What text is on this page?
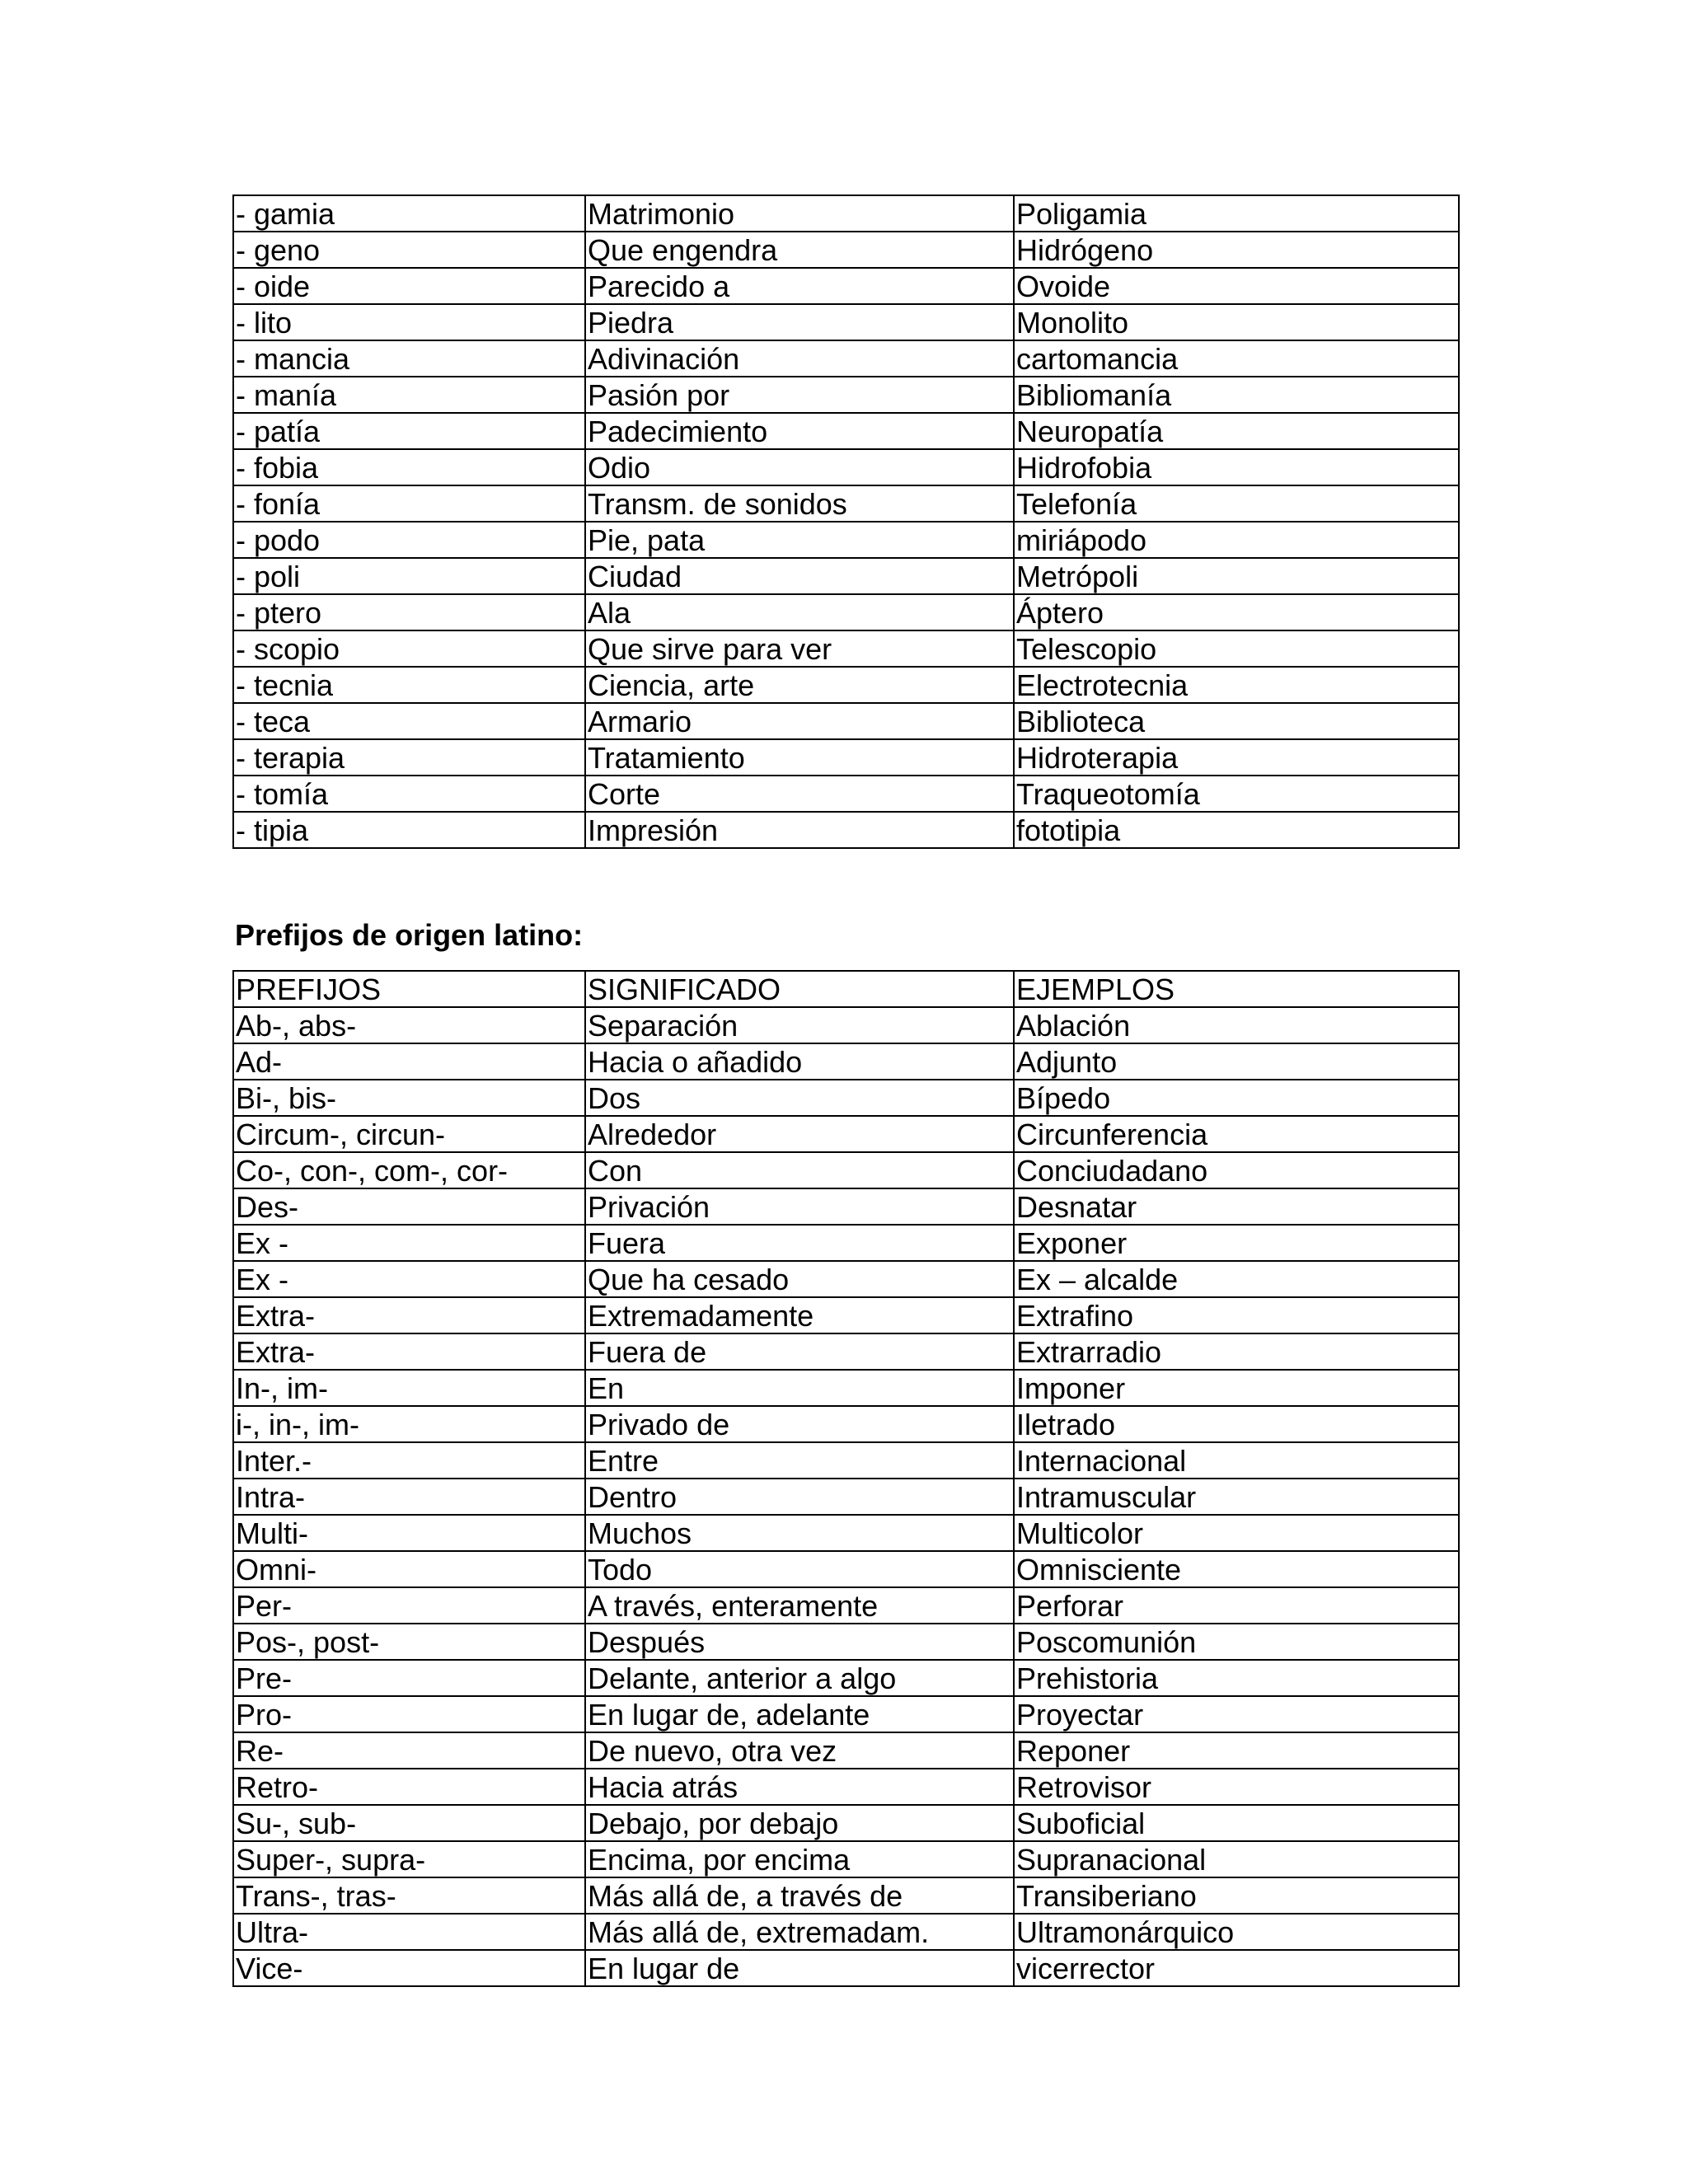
- gamia	Matrimonio	Poligamia
- geno	Que engendra	Hidrógeno
- oide	Parecido a	Ovoide
- lito	Piedra	Monolito
- mancia	Adivinación	cartomancia
- manía	Pasión por	Bibliomanía
- patía	Padecimiento	Neuropatía
- fobia	Odio	Hidrofobia
- fonía	Transm. de sonidos	Telefonía
- podo	Pie, pata	miriápodo
- poli	Ciudad	Metrópoli
- ptero	Ala	Áptero
- scopio	Que sirve para ver	Telescopio
- tecnia	Ciencia, arte	Electrotecnia
- teca	Armario	Biblioteca
- terapia	Tratamiento	Hidroterapia
- tomía	Corte	Traqueotomía
- tipia	Impresión	fototipia
Prefijos de origen latino:
PREFIJOS	SIGNIFICADO	EJEMPLOS
Ab-, abs-	Separación	Ablación
Ad-	Hacia o añadido	Adjunto
Bi-, bis-	Dos	Bípedo
Circum-, circun-	Alrededor	Circunferencia
Co-, con-, com-, cor-	Con	Conciudadano
Des-	Privación	Desnatar
Ex -	Fuera	Exponer
Ex -	Que ha cesado	Ex – alcalde
Extra-	Extremadamente	Extrafino
Extra-	Fuera de	Extrarradio
In-, im-	En	Imponer
i-, in-, im-	Privado de	Iletrado
Inter.-	Entre	Internacional
Intra-	Dentro	Intramuscular
Multi-	Muchos	Multicolor
Omni-	Todo	Omnisciente
Per-	A través, enteramente	Perforar
Pos-, post-	Después	Poscomunión
Pre-	Delante, anterior a algo	Prehistoria
Pro-	En lugar de, adelante	Proyectar
Re-	De nuevo, otra vez	Reponer
Retro-	Hacia atrás	Retrovisor
Su-, sub-	Debajo, por debajo	Suboficial
Super-, supra-	Encima, por encima	Supranacional
Trans-, tras-	Más allá de, a través de	Transiberiano
Ultra-	Más allá de, extremadam.	Ultramonárquico
Vice-	En lugar de	vicerrector
